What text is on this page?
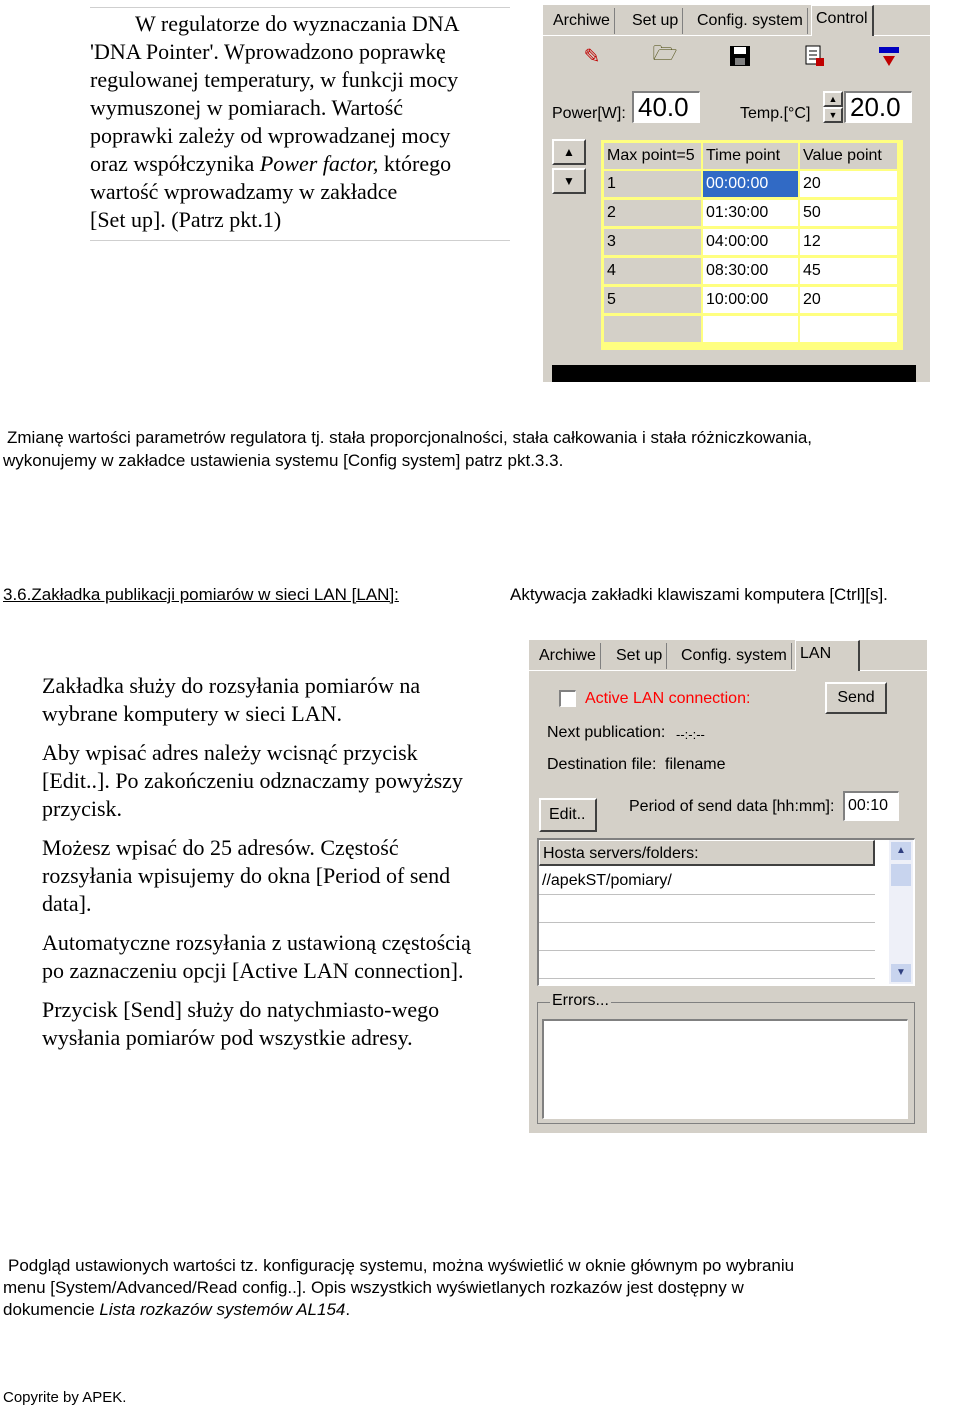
W regulatorze do wyznaczania DNA

'DNA Pointer'. Wprowadzono poprawkę

regulowanej temperatury, w funkcji mocy

wymuszonej w pomiarach. Wartość

poprawki zależy od wprowadzanej mocy

oraz współczynika Power factor, którego

wartość wprowadzamy w zakładce

[Set up]. (Patrz pkt.1)

Archiwe	Set up	Config. system Control
✎	🗁
Power[W]: 40.0	Temp.[°C]
▲
▼ 20.0
▲
▼
Max point=5 Time point	Value point
1	00:00:00	20
2	01:30:00	50
3	04:00:00	12
4	08:30:00	45
5	10:00:00	20
Zmianę wartości parametrów regulatora tj. stała proporcjonalności, stała całkowania i stała różniczkowania,
wykonujemy w zakładce ustawienia systemu [Config system] patrz pkt.3.3.
3.6.Zakładka publikacji pomiarów w sieci LAN [LAN]:	Aktywacja zakładki klawiszami komputera [Ctrl][s].

Zakładka służy do rozsyłania pomiarów na wybrane komputery w sieci LAN.

Aby wpisać adres należy wcisnąć przycisk [Edit..]. Po zakończeniu odznaczamy powyższy przycisk.

Możesz wpisać do 25 adresów. Częstość rozsyłania wpisujemy do okna [Period of send data].

Automatyczne rozsyłania z ustawioną częstością po zaznaczeniu opcji [Active LAN connection].

Przycisk [Send] służy do natychmiasto-wego wysłania pomiarów pod wszystkie adresy.

Archiwe	Set up	Config. system LAN
Active LAN connection:	Send
Next publication: --:-:--
Destination file: filename
Edit..	Period of send data [hh:mm]: 00:10
Hosta servers/folders:
//apekST/pomiary/
▲
▼
Errors...
Podgląd ustawionych wartości tz. konfigurację systemu, można wyświetlić w oknie głównym po wybraniu
menu [System/Advanced/Read config..]. Opis wszystkich wyświetlanych rozkazów jest dostępny w
dokumencie Lista rozkazów systemów AL154.
Copyrite by APEK.
